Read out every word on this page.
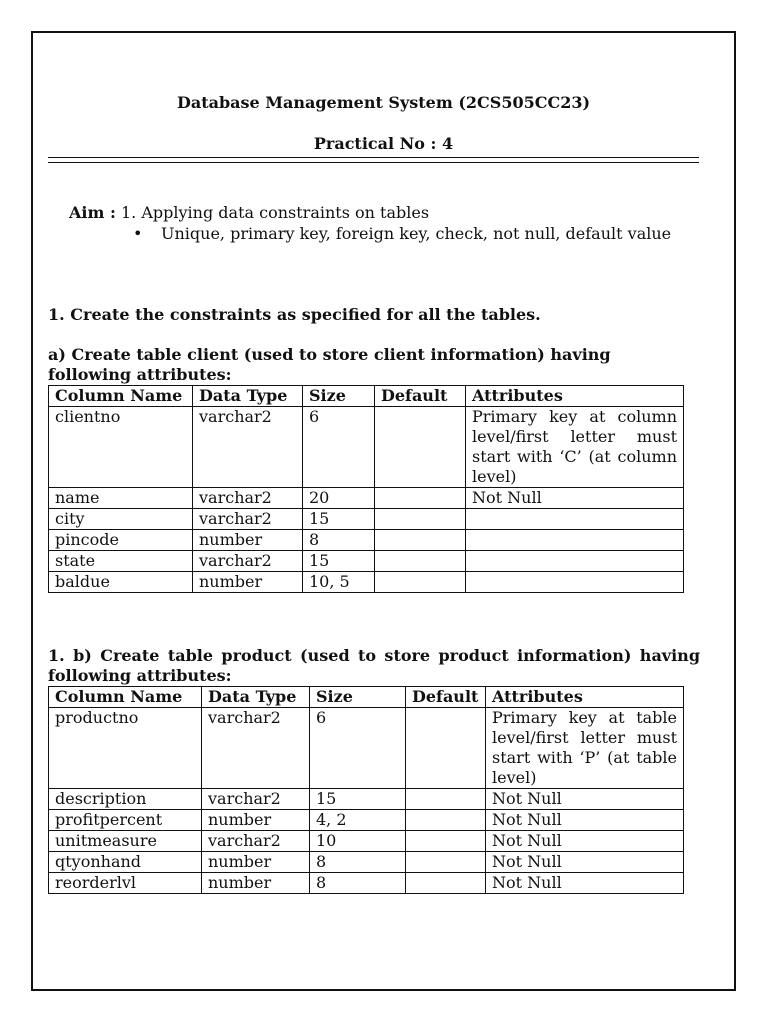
Database Management System (2CS505CC23)
Practical No : 4
Aim : 1. Applying data constraints on tables
• Unique, primary key, foreign key, check, not null, default value
1. Create the constraints as specified for all the tables.
a) Create table client (used to store client information) having following attributes:
Column Name	Data Type	Size	Default	Attributes
clientno	varchar2	6		Primary key at column level/first letter must start with ‘C’ (at column level)
name	varchar2	20		Not Null
city	varchar2	15		
pincode	number	8		
state	varchar2	15		
baldue	number	10, 5		
1. b) Create table product (used to store product information) having following attributes:
Column Name	Data Type	Size	Default	Attributes
productno	varchar2	6		Primary key at table level/first letter must start with ‘P’ (at table level)
description	varchar2	15		Not Null
profitpercent	number	4, 2		Not Null
unitmeasure	varchar2	10		Not Null
qtyonhand	number	8		Not Null
reorderlvl	number	8		Not Null
